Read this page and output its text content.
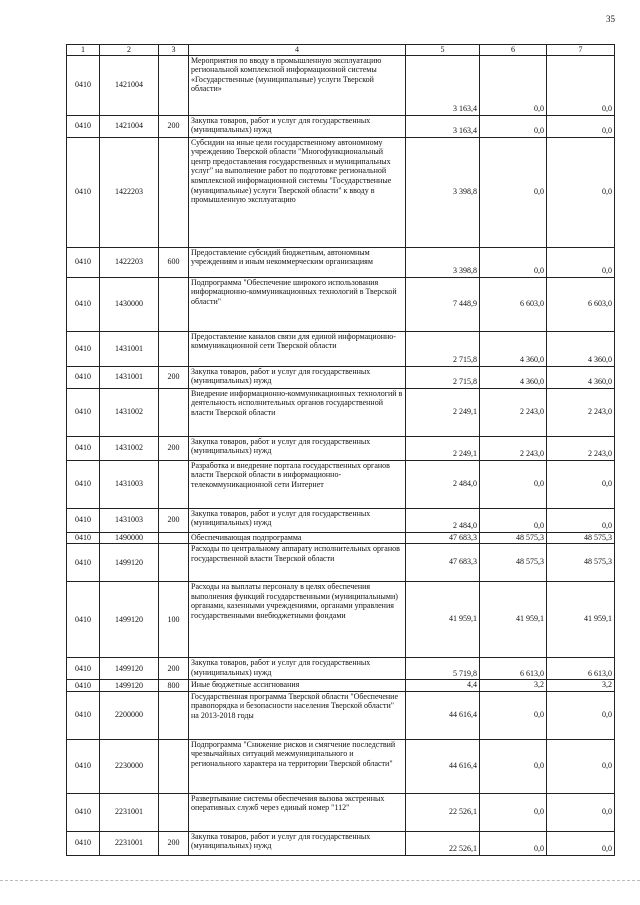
35
1	2	3	4	5	6	7
0410	1421004		Мероприятия по вводу в промышленную эксплуатацию региональной комплексной информационной системы «Государственные (муниципальные) услуги Тверской области»	3 163,4	0,0	0,0
0410	1421004	200	Закупка товаров, работ и услуг для государственных (муниципальных) нужд	3 163,4	0,0	0,0
0410	1422203		Субсидии на иные цели государственному автономному учреждению Тверской области "Многофункциональный центр предоставления государственных и муниципальных услуг" на выполнение работ по подготовке региональной комплексной информационной системы "Государственные (муниципальные) услуги Тверской области" к вводу в промышленную эксплуатацию	3 398,8	0,0	0,0
0410	1422203	600	Предоставление субсидий бюджетным, автономным учреждениям и иным некоммерческим организациям	3 398,8	0,0	0,0
0410	1430000		Подпрограмма "Обеспечение широкого использования информационно-коммуникационных технологий в Тверской области"	7 448,9	6 603,0	6 603,0
0410	1431001		Предоставление каналов связи для единой информационно-коммуникационной сети Тверской области	2 715,8	4 360,0	4 360,0
0410	1431001	200	Закупка товаров, работ и услуг для государственных (муниципальных) нужд	2 715,8	4 360,0	4 360,0
0410	1431002		Внедрение информационно-коммуникационных технологий в деятельность исполнительных органов государственной власти Тверской области	2 249,1	2 243,0	2 243,0
0410	1431002	200	Закупка товаров, работ и услуг для государственных (муниципальных) нужд	2 249,1	2 243,0	2 243,0
0410	1431003		Разработка и внедрение портала государственных органов власти Тверской области в информационно-телекоммуникационной сети Интернет	2 484,0	0,0	0,0
0410	1431003	200	Закупка товаров, работ и услуг для государственных (муниципальных) нужд	2 484,0	0,0	0,0
0410	1490000		Обеспечивающая подпрограмма	47 683,3	48 575,3	48 575,3
0410	1499120		Расходы по центральному аппарату исполнительных органов государственной власти Тверской области	47 683,3	48 575,3	48 575,3
0410	1499120	100	Расходы на выплаты персоналу в целях обеспечения выполнения функций государственными (муниципальными) органами, казенными учреждениями, органами управления государственными внебюджетными фондами	41 959,1	41 959,1	41 959,1
0410	1499120	200	Закупка товаров, работ и услуг для государственных (муниципальных) нужд	5 719,8	6 613,0	6 613,0
0410	1499120	800	Иные бюджетные ассигнования	4,4	3,2	3,2
0410	2200000		Государственная программа Тверской области "Обеспечение правопорядка и безопасности населения Тверской области" на 2013-2018 годы	44 616,4	0,0	0,0
0410	2230000		Подпрограмма "Снижение рисков и смягчение последствий чрезвычайных ситуаций межмуниципального и регионального характера на территории Тверской области"	44 616,4	0,0	0,0
0410	2231001		Развертывание системы обеспечения вызова экстренных оперативных служб через единый номер "112"	22 526,1	0,0	0,0
0410	2231001	200	Закупка товаров, работ и услуг для государственных (муниципальных) нужд	22 526,1	0,0	0,0
